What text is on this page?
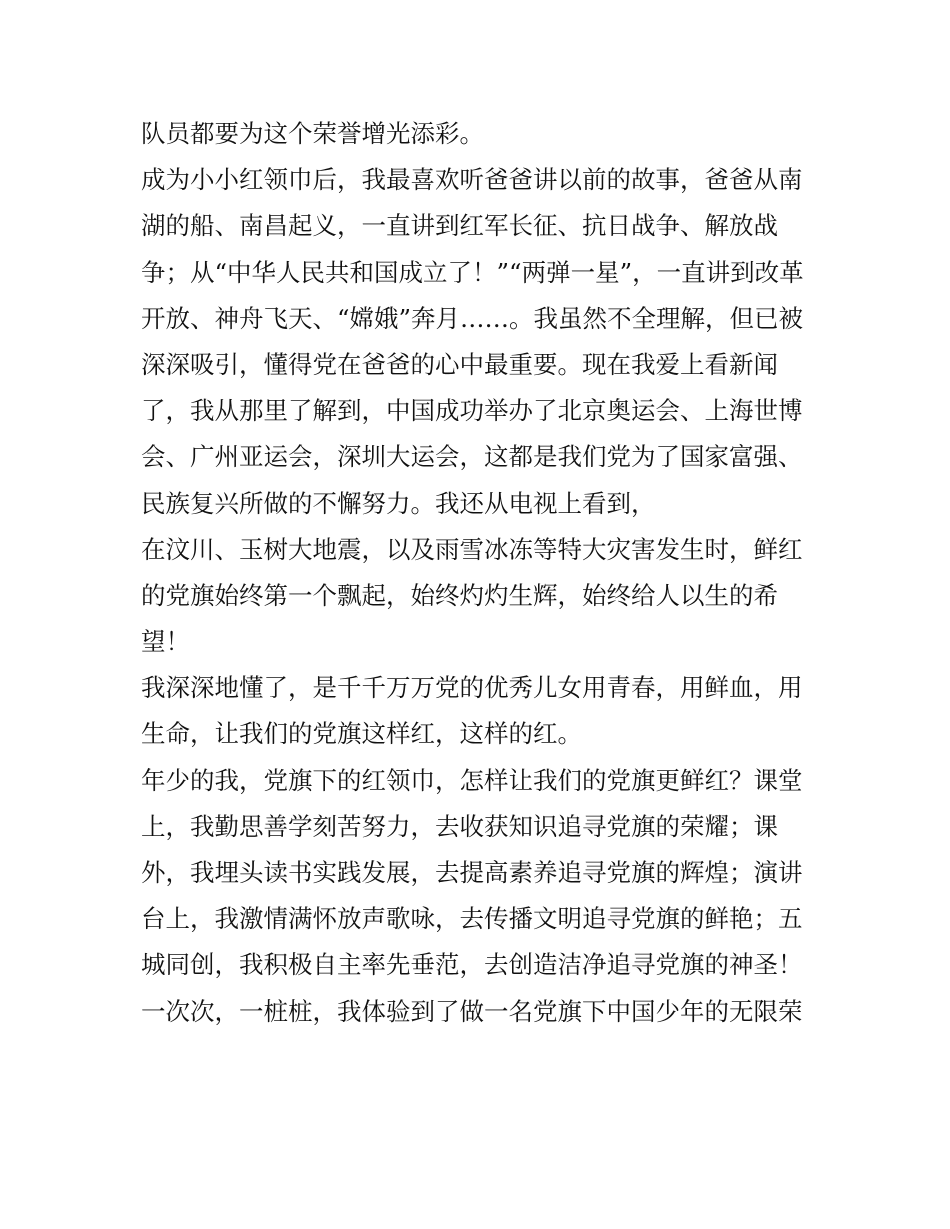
队员都要为这个荣誉增光添彩。
成为小小红领巾后，我最喜欢听爸爸讲以前的故事，爸爸从南
湖的船、南昌起义，一直讲到红军长征、抗日战争、解放战
争；从“中华人民共和国成立了！”“两弹一星”，一直讲到改革
开放、神舟飞天、“嫦娥”奔月……。我虽然不全理解，但已被
深深吸引，懂得党在爸爸的心中最重要。现在我爱上看新闻
了，我从那里了解到，中国成功举办了北京奥运会、上海世博
会、广州亚运会，深圳大运会，这都是我们党为了国家富强、
民族复兴所做的不懈努力。我还从电视上看到，
在汶川、玉树大地震，以及雨雪冰冻等特大灾害发生时，鲜红
的党旗始终第一个飘起，始终灼灼生辉，始终给人以生的希
望！
我深深地懂了，是千千万万党的优秀儿女用青春，用鲜血，用
生命，让我们的党旗这样红，这样的红。
年少的我，党旗下的红领巾，怎样让我们的党旗更鲜红？课堂
上，我勤思善学刻苦努力，去收获知识追寻党旗的荣耀；课
外，我埋头读书实践发展，去提高素养追寻党旗的辉煌；演讲
台上，我激情满怀放声歌咏，去传播文明追寻党旗的鲜艳；五
城同创，我积极自主率先垂范，去创造洁净追寻党旗的神圣！
一次次，一桩桩，我体验到了做一名党旗下中国少年的无限荣
